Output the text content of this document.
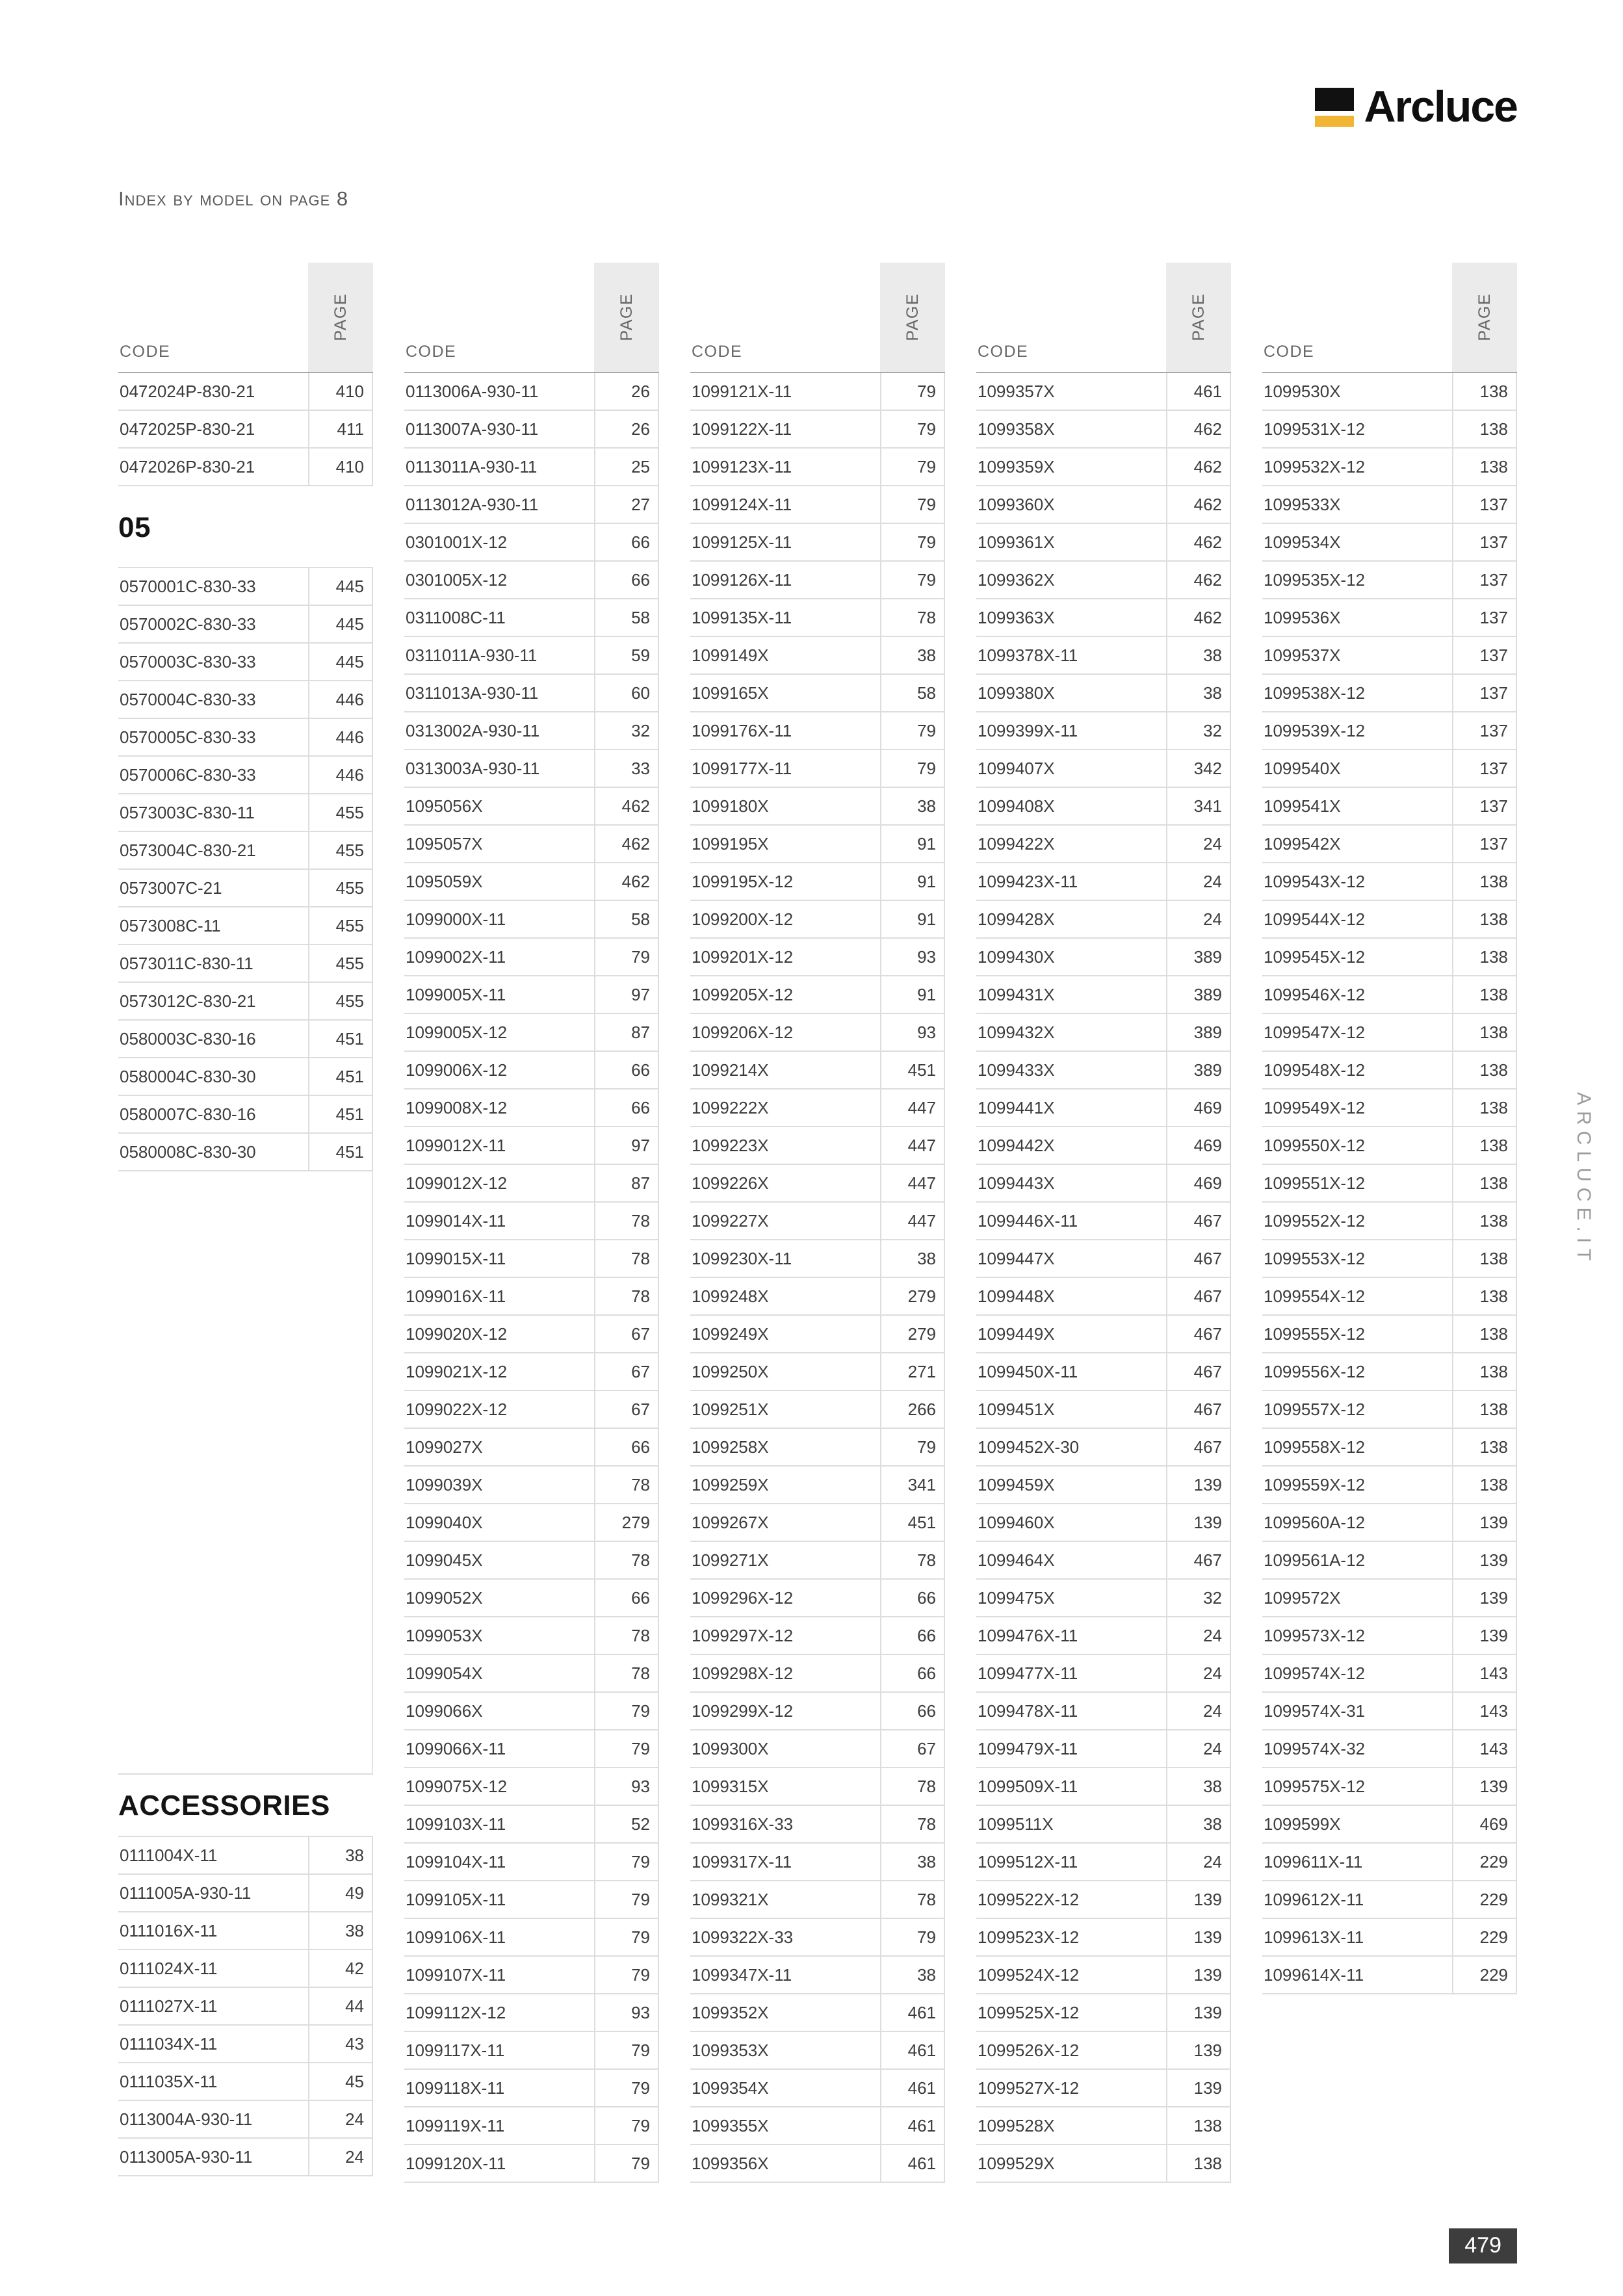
Index by model on page 8
Arcluce
CODE
PAGE
0472024P-830-21	410
0472025P-830-21	411
0472026P-830-21	410
05
0570001C-830-33	445
0570002C-830-33	445
0570003C-830-33	445
0570004C-830-33	446
0570005C-830-33	446
0570006C-830-33	446
0573003C-830-11	455
0573004C-830-21	455
0573007C-21	455
0573008C-11	455
0573011C-830-11	455
0573012C-830-21	455
0580003C-830-16	451
0580004C-830-30	451
0580007C-830-16	451
0580008C-830-30	451
ACCESSORIES
0111004X-11	38
0111005A-930-11	49
0111016X-11	38
0111024X-11	42
0111027X-11	44
0111034X-11	43
0111035X-11	45
0113004A-930-11	24
0113005A-930-11	24
CODE
PAGE
0113006A-930-11	26
0113007A-930-11	26
0113011A-930-11	25
0113012A-930-11	27
0301001X-12	66
0301005X-12	66
0311008C-11	58
0311011A-930-11	59
0311013A-930-11	60
0313002A-930-11	32
0313003A-930-11	33
1095056X	462
1095057X	462
1095059X	462
1099000X-11	58
1099002X-11	79
1099005X-11	97
1099005X-12	87
1099006X-12	66
1099008X-12	66
1099012X-11	97
1099012X-12	87
1099014X-11	78
1099015X-11	78
1099016X-11	78
1099020X-12	67
1099021X-12	67
1099022X-12	67
1099027X	66
1099039X	78
1099040X	279
1099045X	78
1099052X	66
1099053X	78
1099054X	78
1099066X	79
1099066X-11	79
1099075X-12	93
1099103X-11	52
1099104X-11	79
1099105X-11	79
1099106X-11	79
1099107X-11	79
1099112X-12	93
1099117X-11	79
1099118X-11	79
1099119X-11	79
1099120X-11	79
CODE
PAGE
1099121X-11	79
1099122X-11	79
1099123X-11	79
1099124X-11	79
1099125X-11	79
1099126X-11	79
1099135X-11	78
1099149X	38
1099165X	58
1099176X-11	79
1099177X-11	79
1099180X	38
1099195X	91
1099195X-12	91
1099200X-12	91
1099201X-12	93
1099205X-12	91
1099206X-12	93
1099214X	451
1099222X	447
1099223X	447
1099226X	447
1099227X	447
1099230X-11	38
1099248X	279
1099249X	279
1099250X	271
1099251X	266
1099258X	79
1099259X	341
1099267X	451
1099271X	78
1099296X-12	66
1099297X-12	66
1099298X-12	66
1099299X-12	66
1099300X	67
1099315X	78
1099316X-33	78
1099317X-11	38
1099321X	78
1099322X-33	79
1099347X-11	38
1099352X	461
1099353X	461
1099354X	461
1099355X	461
1099356X	461
CODE
PAGE
1099357X	461
1099358X	462
1099359X	462
1099360X	462
1099361X	462
1099362X	462
1099363X	462
1099378X-11	38
1099380X	38
1099399X-11	32
1099407X	342
1099408X	341
1099422X	24
1099423X-11	24
1099428X	24
1099430X	389
1099431X	389
1099432X	389
1099433X	389
1099441X	469
1099442X	469
1099443X	469
1099446X-11	467
1099447X	467
1099448X	467
1099449X	467
1099450X-11	467
1099451X	467
1099452X-30	467
1099459X	139
1099460X	139
1099464X	467
1099475X	32
1099476X-11	24
1099477X-11	24
1099478X-11	24
1099479X-11	24
1099509X-11	38
1099511X	38
1099512X-11	24
1099522X-12	139
1099523X-12	139
1099524X-12	139
1099525X-12	139
1099526X-12	139
1099527X-12	139
1099528X	138
1099529X	138
CODE
PAGE
1099530X	138
1099531X-12	138
1099532X-12	138
1099533X	137
1099534X	137
1099535X-12	137
1099536X	137
1099537X	137
1099538X-12	137
1099539X-12	137
1099540X	137
1099541X	137
1099542X	137
1099543X-12	138
1099544X-12	138
1099545X-12	138
1099546X-12	138
1099547X-12	138
1099548X-12	138
1099549X-12	138
1099550X-12	138
1099551X-12	138
1099552X-12	138
1099553X-12	138
1099554X-12	138
1099555X-12	138
1099556X-12	138
1099557X-12	138
1099558X-12	138
1099559X-12	138
1099560A-12	139
1099561A-12	139
1099572X	139
1099573X-12	139
1099574X-12	143
1099574X-31	143
1099574X-32	143
1099575X-12	139
1099599X	469
1099611X-11	229
1099612X-11	229
1099613X-11	229
1099614X-11	229
ARCLUCE.IT
479
